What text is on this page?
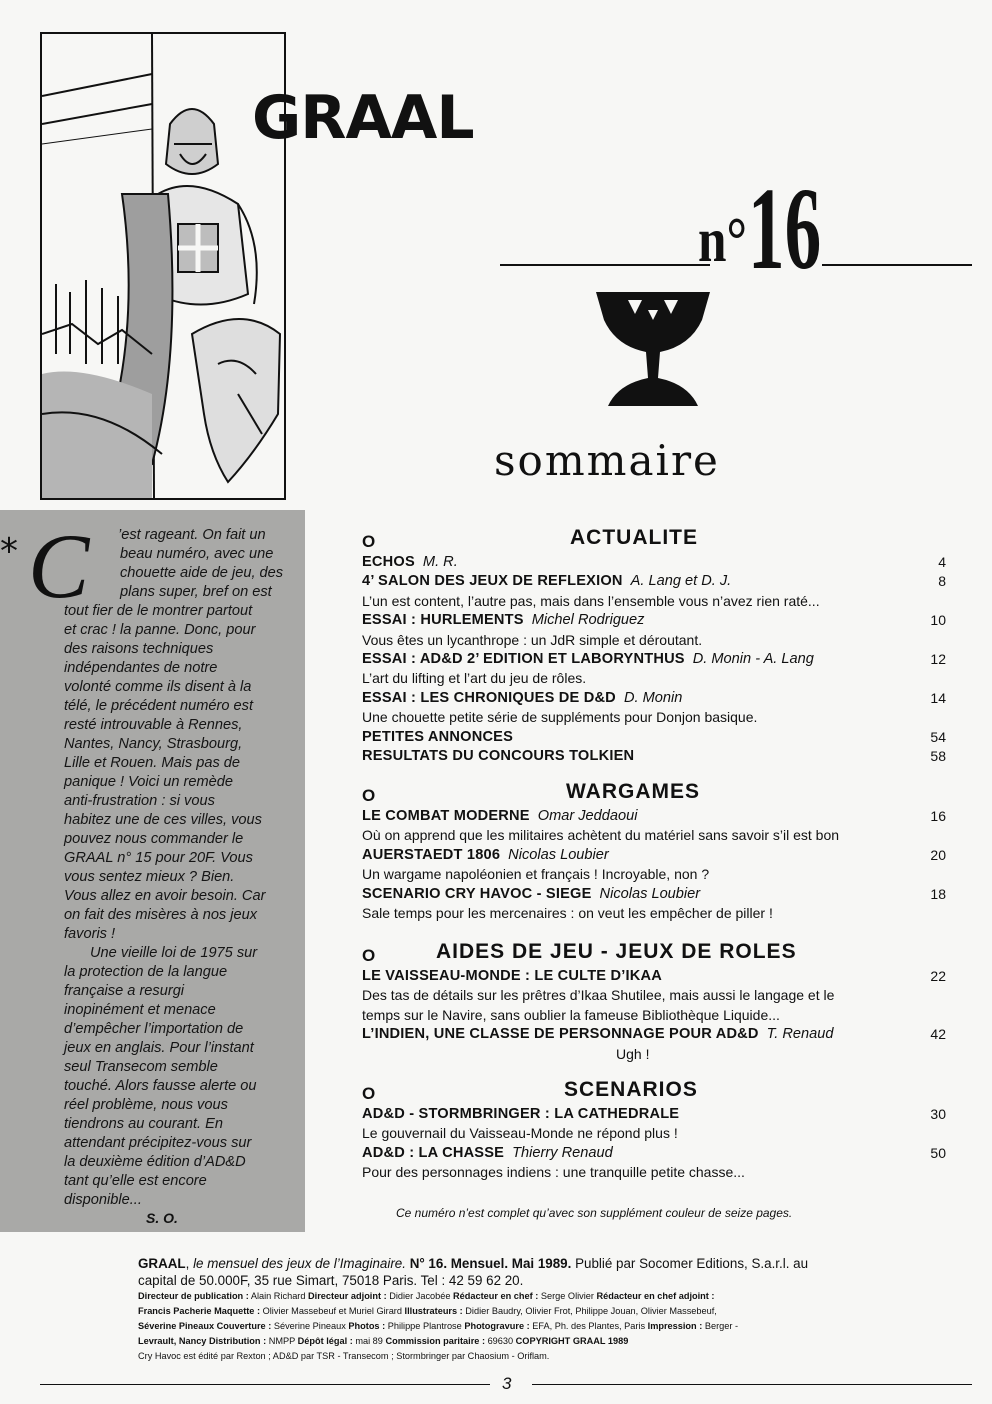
GRAAL
n° 16
sommaire
* C ’est rageant. On fait un
beau numéro, avec une
chouette aide de jeu, des
plans super, bref on est
tout fier de le montrer partout
et crac ! la panne. Donc, pour
des raisons techniques
indépendantes de notre
volonté comme ils disent à la
télé, le précédent numéro est
resté introuvable à Rennes,
Nantes, Nancy, Strasbourg,
Lille et Rouen. Mais pas de
panique ! Voici un remède
anti-frustration : si vous
habitez une de ces villes, vous
pouvez nous commander le
GRAAL n° 15 pour 20F. Vous
vous sentez mieux ? Bien.
Vous allez en avoir besoin. Car
on fait des misères à nos jeux
favoris !
Une vieille loi de 1975 sur
la protection de la langue
française a resurgi
inopinément et menace
d’empêcher l’importation de
jeux en anglais. Pour l’instant
seul Transecom semble
touché. Alors fausse alerte ou
réel problème, nous vous
tiendrons au courant. En
attendant précipitez-vous sur
la deuxième édition d’AD&D
tant qu’elle est encore
disponible...
S. O.
O	ACTUALITE
ECHOS M. R.	4
4’ SALON DES JEUX DE REFLEXION A. Lang et D. J.	8
L’un est content, l’autre pas, mais dans l’ensemble vous n’avez rien raté...
ESSAI : HURLEMENTS Michel Rodriguez	10
Vous êtes un lycanthrope : un JdR simple et déroutant.
ESSAI : AD&D 2’ EDITION ET LABORYNTHUS D. Monin - A. Lang	12
L’art du lifting et l’art du jeu de rôles.
ESSAI : LES CHRONIQUES DE D&D D. Monin	14
Une chouette petite série de suppléments pour Donjon basique.
PETITES ANNONCES	54
RESULTATS DU CONCOURS TOLKIEN	58
O	WARGAMES
LE COMBAT MODERNE Omar Jeddaoui	16
Où on apprend que les militaires achètent du matériel sans savoir s’il est bon
AUERSTAEDT 1806 Nicolas Loubier	20
Un wargame napoléonien et français ! Incroyable, non ?
SCENARIO CRY HAVOC - SIEGE Nicolas Loubier	18
Sale temps pour les mercenaires : on veut les empêcher de piller !
O	AIDES DE JEU - JEUX DE ROLES
LE VAISSEAU-MONDE : LE CULTE D’IKAA	22
Des tas de détails sur les prêtres d’Ikaa Shutilee, mais aussi le langage et le
temps sur le Navire, sans oublier la fameuse Bibliothèque Liquide...
L’INDIEN, UNE CLASSE DE PERSONNAGE POUR AD&D T. Renaud	42
Ugh !
O	SCENARIOS
AD&D - STORMBRINGER : LA CATHEDRALE	30
Le gouvernail du Vaisseau-Monde ne répond plus !
AD&D : LA CHASSE Thierry Renaud	50
Pour des personnages indiens : une tranquille petite chasse...
Ce numéro n’est complet qu’avec son supplément couleur de seize pages.
GRAAL, le mensuel des jeux de l’Imaginaire. N° 16. Mensuel. Mai 1989. Publié par Socomer Editions, S.a.r.l. au
capital de 50.000F, 35 rue Simart, 75018 Paris. Tel : 42 59 62 20.
Directeur de publication : Alain Richard Directeur adjoint : Didier Jacobée Rédacteur en chef : Serge Olivier Rédacteur en chef adjoint :
Francis Pacherie Maquette : Olivier Massebeuf et Muriel Girard Illustrateurs : Didier Baudry, Olivier Frot, Philippe Jouan, Olivier Massebeuf,
Séverine Pineaux Couverture : Séverine Pineaux Photos : Philippe Plantrose Photogravure : EFA, Ph. des Plantes, Paris Impression : Berger -
Levrault, Nancy Distribution : NMPP Dépôt légal : mai 89 Commission paritaire : 69630 COPYRIGHT GRAAL 1989
Cry Havoc est édité par Rexton ; AD&D par TSR - Transecom ; Stormbringer par Chaosium - Oriflam.
3
